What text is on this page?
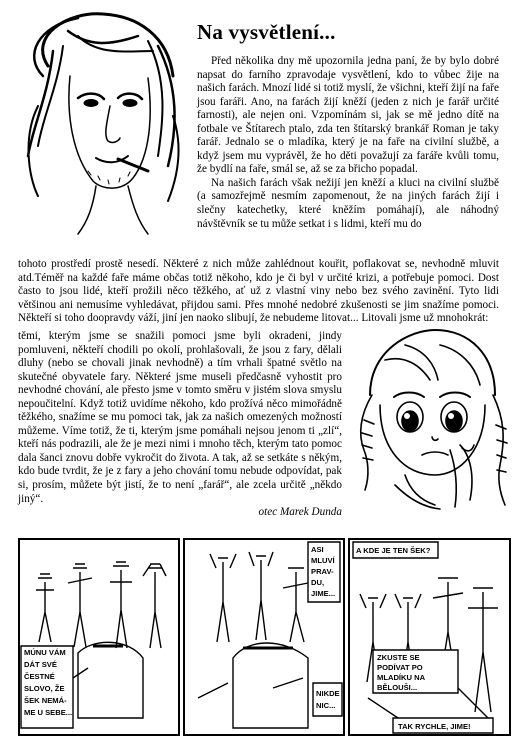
Na vysvětlení...

Před několika dny mě upozornila jedna paní, že by bylo dobré napsat do farního zpravodaje vysvětlení, kdo to vůbec žije na našich farách. Mnozí lidé si totiž myslí, že všichni, kteří žijí na faře jsou faráři. Ano, na farách žijí kněží (jeden z nich je farář určité farnosti), ale nejen oni. Vzpomínám si, jak se mě jedno dítě na fotbale ve Štítarech ptalo, zda ten štítarský brankář Roman je taky farář. Jednalo se o mladíka, který je na faře na civilní službě, a když jsem mu vyprávěl, že ho děti považují za faráře kvůli tomu, že bydlí na faře, smál se, až se za břicho popadal.

Na našich farách však nežijí jen kněží a kluci na civilní službě (a samozřejmě nesmím zapomenout, že na jiných farách žijí i slečny katechetky, které kněžím pomáhají), ale náhodný návštěvník se tu může setkat i s lidmi, kteří mu do

tohoto prostředí prostě nesedí. Některé z nich může zahlédnout kouřit, poflakovat se, nevhodně mluvit atd.Téměř na každé faře máme občas totiž někoho, kdo je či byl v určité krizi, a potřebuje pomoci. Dost často to jsou lidé, kteří prožili něco těžkého, ať už z vlastní viny nebo bez svého zavinění. Tyto lidi většinou ani nemusíme vyhledávat, přijdou sami. Přes mnohé nedobré zkušenosti se jim snažíme pomoci. Někteří si toho doopravdy váží, jiní jen naoko slibují, že nebudeme litovat... Litovali jsme už mnohokrát:

těmi, kterým jsme se snažili pomoci jsme byli okradeni, jindy pomluveni, někteří chodili po okolí, prohlašovali, že jsou z fary, dělali dluhy (nebo se chovali jinak nevhodně) a tím vrhali špatné světlo na skutečné obyvatele fary. Některé jsme museli předčasně vyhostit pro nevhodné chování, ale přesto jsme v tomto směru v jistém slova smyslu nepoučitelní. Když totiž uvidíme někoho, kdo prožívá něco mimořádně těžkého, snažíme se mu pomoci tak, jak za našich omezených možností můžeme. Víme totiž, že ti, kterým jsme pomáhali nejsou jenom ti „zlí“, kteří nás podrazili, ale že je mezi nimi i mnoho těch, kterým tato pomoc dala šanci znovu dobře vykročit do života. A tak, až se setkáte s někým, kdo bude tvrdit, že je z fary a jeho chování tomu nebude odpovídat, pak si, prosím, můžete být jistí, že to není „farář“, ale zcela určitě „někdo jiný“.

otec Marek Dunda
MÚNU VÁM
DÁT SVÉ
ČESTNÉ
SLOVO, ŽE
ŠEK NEMÁ-
ME U SEBE...
ASI
MLUVÍ
PRAV-
DU,
JIME...
NIKDE
NIC...
A KDE JE TEN ŠEK?
ZKUSTE SE
PODÍVAT PO
MLADÍKU NA
BĚLOUŠI...
TAK RYCHLE, JIME!
